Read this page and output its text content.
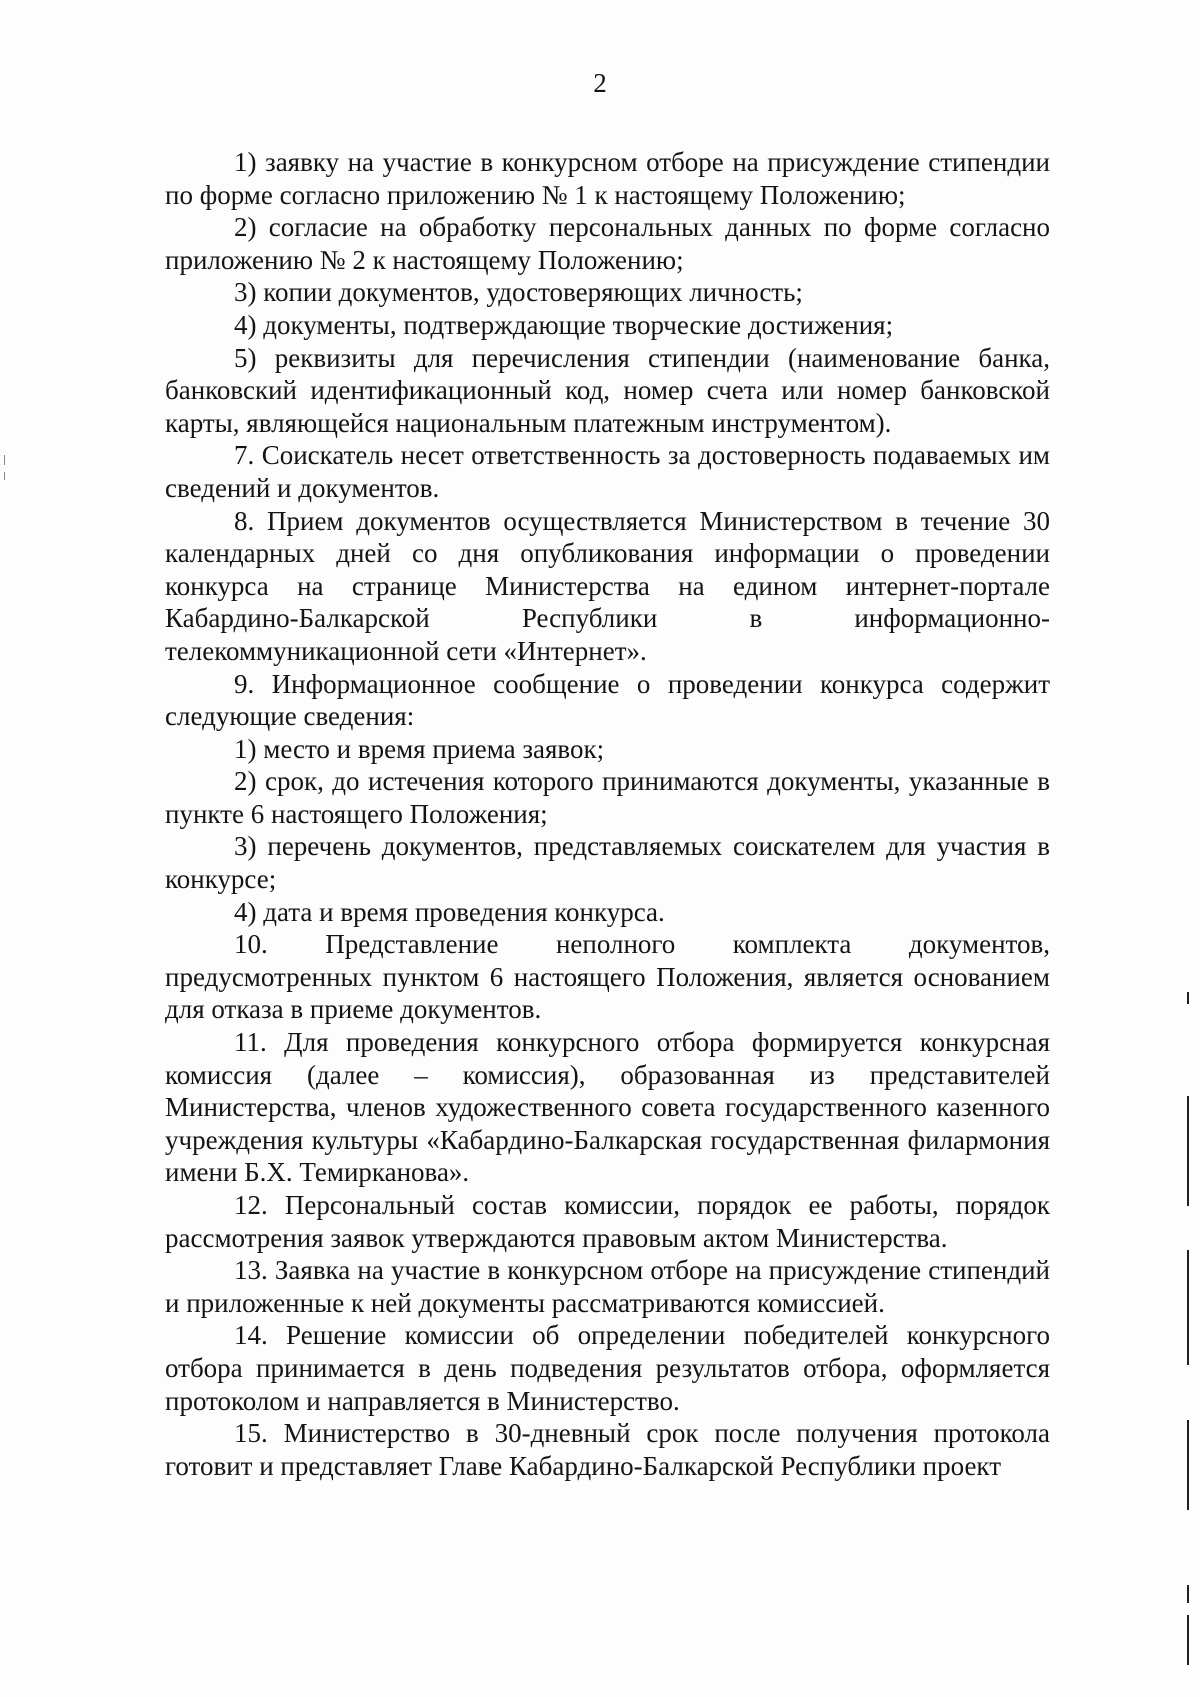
2

1) заявку на участие в конкурсном отборе на присуждение стипендии по форме согласно приложению № 1 к настоящему Положению;

2) согласие на обработку персональных данных по форме согласно приложению № 2 к настоящему Положению;

3) копии документов, удостоверяющих личность;

4) документы, подтверждающие творческие достижения;

5) реквизиты для перечисления стипендии (наименование банка, банковский идентификационный код, номер счета или номер банковской карты, являющейся национальным платежным инструментом).

7. Соискатель несет ответственность за достоверность подаваемых им сведений и документов.

8. Прием документов осуществляется Министерством в течение 30 календарных дней со дня опубликования информации о проведении конкурса на странице Министерства на едином интернет-портале Кабардино-Балкарской Республики в информационно-телекоммуникационной сети «Интернет».

9. Информационное сообщение о проведении конкурса содержит следующие сведения:

1) место и время приема заявок;

2) срок, до истечения которого принимаются документы, указанные в пункте 6 настоящего Положения;

3) перечень документов, представляемых соискателем для участия в конкурсе;

4) дата и время проведения конкурса.

10. Представление неполного комплекта документов, предусмотренных пунктом 6 настоящего Положения, является основанием для отказа в приеме документов.

11. Для проведения конкурсного отбора формируется конкурсная комиссия (далее – комиссия), образованная из представителей Министерства, членов художественного совета государственного казенного учреждения культуры «Кабардино-Балкарская государственная филармония имени Б.Х. Темирканова».

12. Персональный состав комиссии, порядок ее работы, порядок рассмотрения заявок утверждаются правовым актом Министерства.

13. Заявка на участие в конкурсном отборе на присуждение стипендий и приложенные к ней документы рассматриваются комиссией.

14. Решение комиссии об определении победителей конкурсного отбора принимается в день подведения результатов отбора, оформляется протоколом и направляется в Министерство.

15. Министерство в 30-дневный срок после получения протокола готовит и представляет Главе Кабардино-Балкарской Республики проект
